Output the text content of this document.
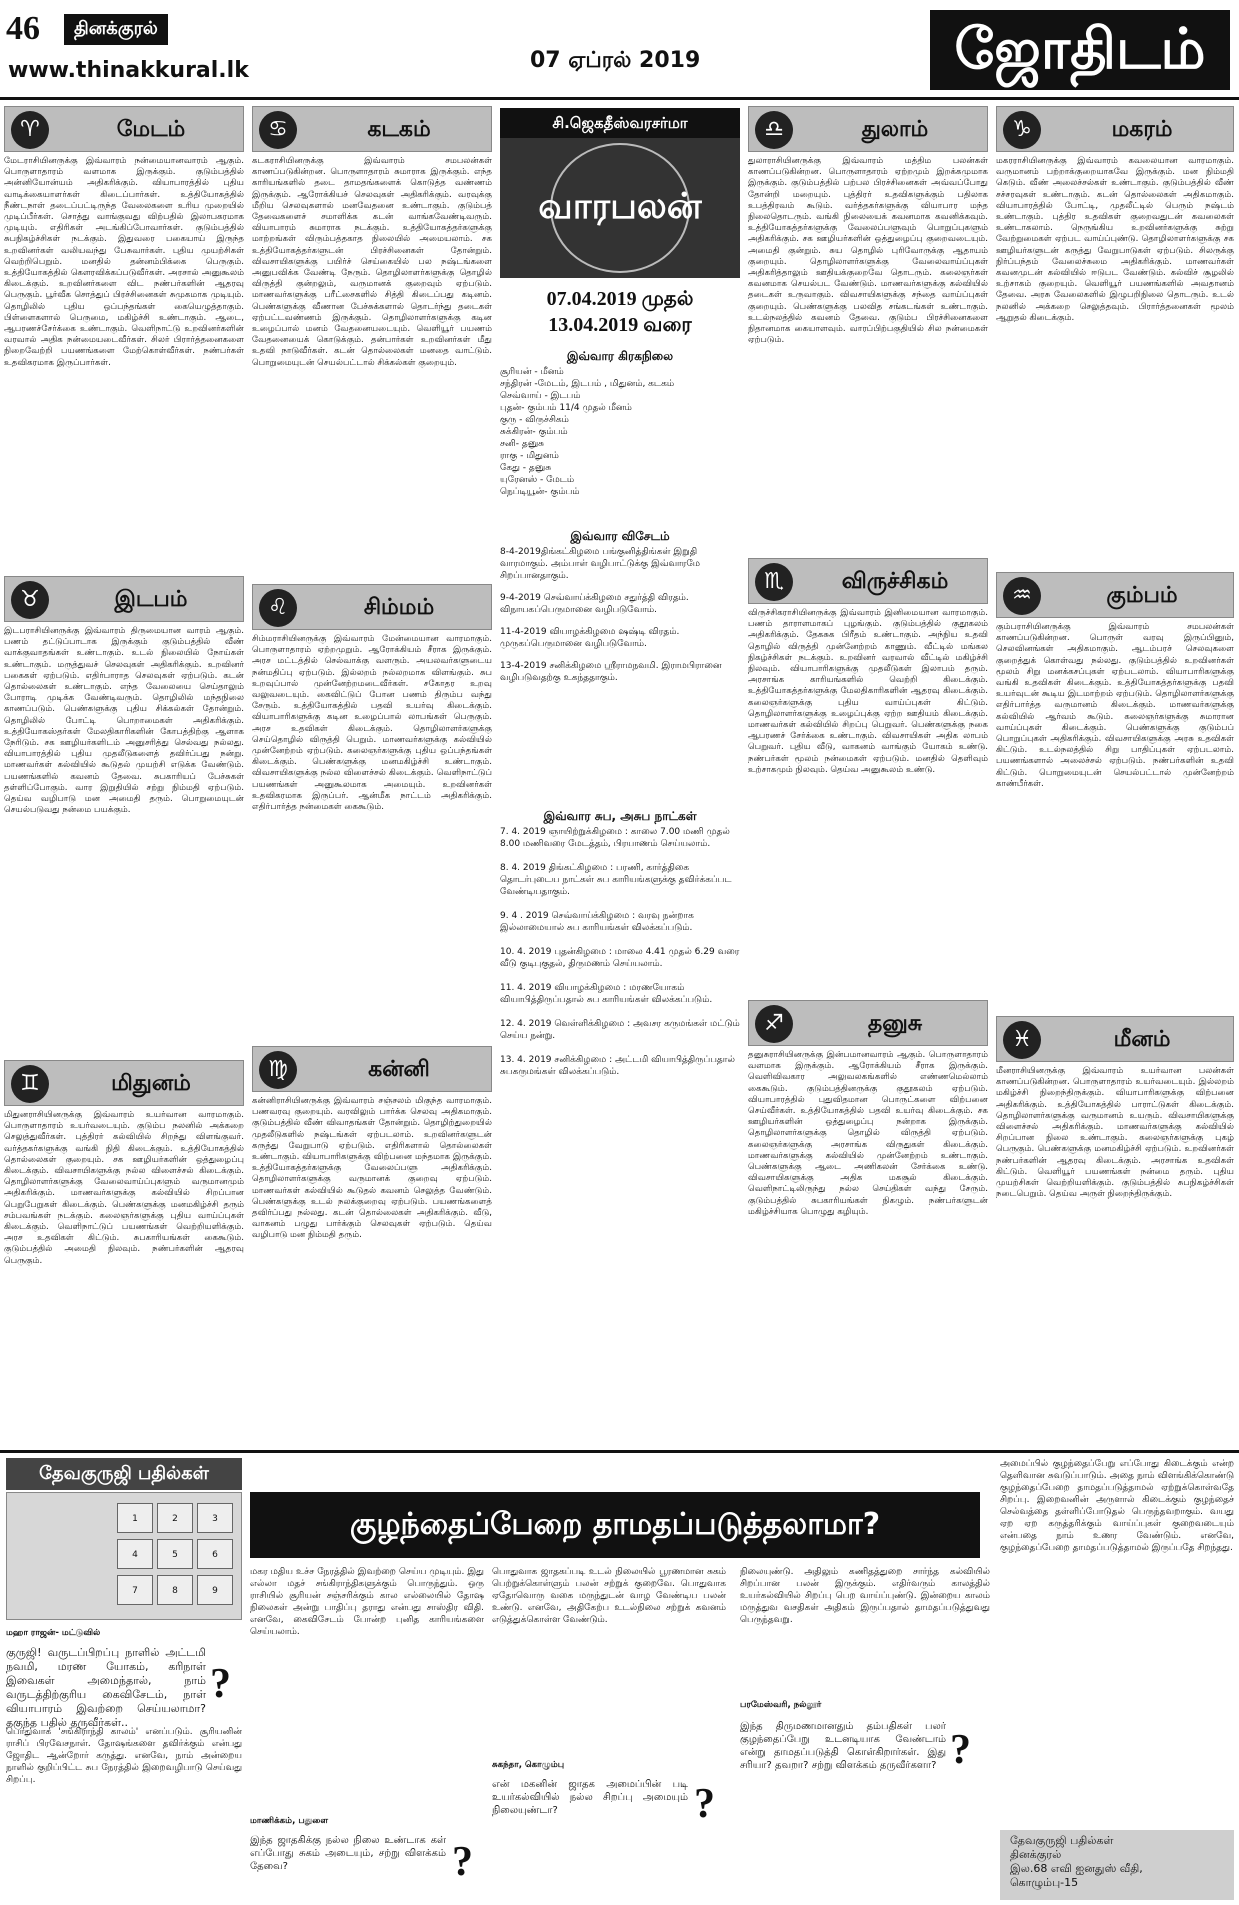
46	தினக்குரல்
www.thinakkural.lk	07 ஏப்ரல் 2019	ஜோதிடம்
♈	மேடம்
மேடராசியினருக்கு இவ்வாரம் நன்மையானவாரம் ஆகும். பொருளாதாரம் வளமாக இருக்கும். குடும்பத்தில் அன்னியோன்யம் அதிகரிக்கும். வியாபாரத்தில் புதிய வாடிக்கையாளர்கள் கிடைப்பார்கள். உத்தியோகத்தில் நீண்டநாள் தடைப்பட்டிருந்த வேலைகளை உரிய முறையில் முடிப்பீர்கள். சொத்து வாங்குவது விற்பதில் இலாபகரமாக முடியும். எதிரிகள் அடங்கிப்போவார்கள். குடும்பத்தில் சுபநிகழ்ச்சிகள் நடக்கும். இதுவரை பகையாய் இருந்த உறவினர்கள் வலியவந்து பேசுவார்கள். புதிய முயற்சிகள் வெற்றிபெறும். மனதில் தன்னம்பிக்கை பெருகும். உத்தியோகத்தில் கௌரவிக்கப்படுவீர்கள். அரசால் அனுகூலம் கிடைக்கும். உறவினர்களை விட நண்பர்களின் ஆதரவு பெருகும். பூர்வீக சொத்துப் பிரச்சினைகள் சுமுகமாக முடியும். தொழிலில் புதிய ஒப்பந்தங்கள் கையெழுத்தாகும். பிள்ளைகளால் பெருமை, மகிழ்ச்சி உண்டாகும். ஆடை, ஆபரணச்சேர்க்கை உண்டாகும். வெளிநாட்டு உறவினர்களின் வரவால் அதிக நன்மையடைவீர்கள். சிலர் பிரார்த்தனைகளை நிறைவேற்றி பயணங்களை மேற்கொள்வீர்கள். நண்பர்கள் உதவிகரமாக இருப்பார்கள்.
♉	இடபம்
இடபராசியினருக்கு இவ்வாரம் திருமையான வாரம் ஆகும். பணம் தட்டுப்பாடாக இருக்கும் குடும்பத்தில் வீண் வாக்குவாதங்கள் உண்டாகும். உடல் நிலையில் நோய்கள் உண்டாகும். மருத்துவச் செலவுகள் அதிகரிக்கும். உறவினர் பகைகள் ஏற்படும். எதிர்பாராத செலவுகள் ஏற்படும். கடன் தொல்லைகள் உண்டாகும். எந்த வேலையை செய்தாலும் போராடி முடிக்க வேண்டிவரும். தொழிலில் மந்தநிலை காணப்படும். பெண்களுக்கு புதிய சிக்கல்கள் தோன்றும். தொழிலில் போட்டி பொறாமைகள் அதிகரிக்கும். உத்தியோகஸ்தர்கள் மேலதிகாரிகளின் கோபத்திற்கு ஆளாக நேரிடும். சக ஊழியர்களிடம் அனுசரித்து செல்வது நல்லது. வியாபாரத்தில் புதிய முதலீடுகளைத் தவிர்ப்பது நன்று. மாணவர்கள் கல்வியில் கூடுதல் முயற்சி எடுக்க வேண்டும். பயணங்களில் கவனம் தேவை. சுபகாரியப் பேச்சுகள் தள்ளிப்போகும். வார இறுதியில் சற்று நிம்மதி ஏற்படும். தெய்வ வழிபாடு மன அமைதி தரும். பொறுமையுடன் செயல்படுவது நன்மை பயக்கும்.
♊	மிதுனம்
மிதுனராசியினருக்கு இவ்வாரம் உயர்வான வாரமாகும். பொருளாதாரம் உயர்வடையும். குடும்ப நலனில் அக்கறை செலுத்துவீர்கள். புத்திரர் கல்வியில் சிறந்து விளங்குவர். வர்த்தகர்களுக்கு வங்கி நிதி கிடைக்கும். உத்தியோகத்தில் தொல்லைகள் குறையும். சக ஊழியர்களின் ஒத்துழைப்பு கிடைக்கும். விவசாயிகளுக்கு நல்ல விளைச்சல் கிடைக்கும். தொழிலாளர்களுக்கு வேலைவாய்ப்புகளும் வருமானமும் அதிகரிக்கும். மாணவர்களுக்கு கல்வியில் சிறப்பான பெறுபேறுகள் கிடைக்கும். பெண்களுக்கு மனமகிழ்ச்சி தரும் சம்பவங்கள் நடக்கும். கலைஞர்களுக்கு புதிய வாய்ப்புகள் கிடைக்கும். வெளிநாட்டுப் பயணங்கள் வெற்றியளிக்கும். அரச உதவிகள் கிட்டும். சுபகாரியங்கள் கைகூடும். குடும்பத்தில் அமைதி நிலவும். நண்பர்களின் ஆதரவு பெருகும்.
♋	கடகம்
கடகராசியினருக்கு இவ்வாரம் சமபலன்கள் காணப்படுகின்றன. பொருளாதாரம் சுமாராக இருக்கும். எந்த காரியங்களில் தடை தாமதங்களைக் கொடுத்த வண்ணம் இருக்கும். ஆரோக்கியச் செலவுகள் அதிகரிக்கும். வரவுக்கு மீறிய செலவுகளால் மனவேதனை உண்டாகும். குடும்பத் தேவைகளைச் சமாளிக்க கடன் வாங்கவேண்டிவரும். வியாபாரம் சுமாராக நடக்கும். உத்தியோகத்தர்களுக்கு மாற்றங்கள் விரும்பத்தகாத நிலையில் அமையலாம். சக உத்தியோகத்தர்களுடன் பிரச்சினைகள் தோன்றும். விவசாயிகளுக்கு பயிர்ச் செய்கையில் பல நஷ்டங்களை அனுபவிக்க வேண்டி நேரும். தொழிலாளர்களுக்கு தொழில் விருத்தி குன்றலும், வருமானக் குறைவும் ஏற்படும். மாணவர்களுக்கு பரீட்சைகளில் சித்தி கிடைப்பது கடினம். பெண்களுக்கு வீணான பேச்சுக்களால் தொடர்ந்து தடைகள் ஏற்பட்டவண்ணம் இருக்கும். தொழிலாளர்களுக்கு கடின உழைப்பால் மனம் வேதனையடையும். வெளியூர் பயணம் வேதனையைக் கொடுக்கும். தன்பார்கள் உறவினர்கள் மீது உதவி நாடுவீர்கள். கடன் தொல்லைகள் மனதை வாட்டும். பொறுமையுடன் செயல்பட்டால் சிக்கல்கள் குறையும்.
♌	சிம்மம்
சிம்மராசியினருக்கு இவ்வாரம் மேன்மையான வாரமாகும். பொருளாதாரம் ஏற்றமுறும். ஆரோக்கியம் சீராக இருக்கும். அரச மட்டத்தில் செல்வாக்கு வளரும். அயலவர்களுடைய நன்மதிப்பு ஏற்படும். இல்லறம் நல்லறமாக விளங்கும். சுப உறவுப்பால் முன்னேற்றமடைவீர்கள். சகோதர உறவு வலுவடையும். கைவிட்டுப் போன பணம் திரும்ப வந்து சேரும். உத்தியோகத்தில் பதவி உயர்வு கிடைக்கும். வியாபாரிகளுக்கு கடின உழைப்பால் லாபங்கள் பெருகும். அரச உதவிகள் கிடைக்கும். தொழிலாளர்களுக்கு செய்தொழில் விருத்தி பெறும். மாணவர்களுக்கு கல்வியில் முன்னேற்றம் ஏற்படும். கலைஞர்களுக்கு புதிய ஒப்பந்தங்கள் கிடைக்கும். பெண்களுக்கு மனமகிழ்ச்சி உண்டாகும். விவசாயிகளுக்கு நல்ல விளைச்சல் கிடைக்கும். வெளிநாட்டுப் பயணங்கள் அனுகூலமாக அமையும். உறவினர்கள் உதவிகரமாக இருப்பர். ஆன்மீக நாட்டம் அதிகரிக்கும். எதிர்பார்த்த நன்மைகள் கைகூடும்.
♍	கன்னி
கன்னிராசியினருக்கு இவ்வாரம் சஞ்சலம் மிகுந்த வாரமாகும். பணவரவு குறையும். வரவிலும் பார்க்க செலவு அதிகமாகும். குடும்பத்தில் வீண் விவாதங்கள் தோன்றும். தொழிற்துறையில் முதலீடுகளில் நஷ்டங்கள் ஏற்படலாம். உறவினர்களுடன் கருத்து வேறுபாடு ஏற்படும். எதிரிகளால் தொல்லைகள் உண்டாகும். வியாபாரிகளுக்கு விற்பனை மந்தமாக இருக்கும். உத்தியோகத்தர்களுக்கு வேலைப்பளு அதிகரிக்கும். தொழிலாளர்களுக்கு வருமானக் குறைவு ஏற்படும். மாணவர்கள் கல்வியில் கூடுதல் கவனம் செலுத்த வேண்டும். பெண்களுக்கு உடல் நலக்குறைவு ஏற்படும். பயணங்களைத் தவிர்ப்பது நல்லது. கடன் தொல்லைகள் அதிகரிக்கும். வீடு, வாகனம் பழுது பார்க்கும் செலவுகள் ஏற்படும். தெய்வ வழிபாடு மன நிம்மதி தரும்.
சி.ஜெகதீஸ்வரசர்மா
வாரபலன்
07.04.2019 முதல்
13.04.2019 வரை
இவ்வார கிரகநிலை
சூரியன் - மீனம்
சந்திரன் -மேடம், இடபம் , மிதுனம், கடகம்
செவ்வாய் - இடபம்
புதன்- கும்பம் 11/4 முதல் மீனம்
குரு - விருச்சிகம்
சுக்கிரன்- கும்பம்
சனி- தனுசு
ராகு - மிதுனம்
கேது - தனுசு
யுரேனஸ் - மேடம்
நெப்டியூன்- கும்பம்
இவ்வார விசேடம்

8-4-2019திங்கட்கிழமை பங்குனித்திங்கள் இறுதி வாரமாகும். அம்பாள் வழிபாட்டுக்கு இவ்வாரமே சிறப்பானதாகும்.

9-4-2019 செவ்வாய்க்கிழமை சதுர்த்தி விரதம். விநாயகப்பெருமானை வழிபடுவோம்.

11-4-2019 வியாழக்கிழமை ஷஷ்டி விரதம். முருகப்பெருமானை வழிபடுவோம்.

13-4-2019 சனிக்கிழமை ஸ்ரீராமநவமி. இராமபிரானை வழிபடுவதற்கு உகந்ததாகும்.

இவ்வார சுப, அசுப நாட்கள்

7. 4. 2019 ஞாயிற்றுக்கிழமை : காலை 7.00 மணி முதல் 8.00 மணிவரை மேடத்தம், பிரயாணம் செய்யலாம்.

8. 4. 2019 திங்கட்கிழமை : பரணி, கார்த்திகை தொடர்புடைய நாட்கள் சுப காரியங்களுக்கு தவிர்க்கப்பட வேண்டியதாகும்.

9. 4 . 2019 செவ்வாய்க்கிழமை : வரவு நன்றாக இல்லாமையால் சுப காரியங்கள் விலக்கப்படும்.

10. 4. 2019 புதன்கிழமை : மாலை 4.41 முதல் 6.29 வரை வீடு குடிபுகுதல், திருமணம் செய்யலாம்.

11. 4. 2019 வியாழக்கிழமை : மரணயோகம் வியாபித்திருப்பதால் சுப காரியங்கள் விலக்கப்படும்.

12. 4. 2019 வெள்ளிக்கிழமை : அவசர கருமங்கள் மட்டும் செய்ய நன்று.

13. 4. 2019 சனிக்கிழமை : அட்டமி வியாபித்திருப்பதால் சுபகருமங்கள் விலக்கப்படும்.

♎	துலாம்
துலாராசியினருக்கு இவ்வாரம் மத்திம பலன்கள் காணப்படுகின்றன. பொருளாதாரம் ஏற்றமும் இறக்கமுமாக இருக்கும். குடும்பத்தில் பற்பல பிரச்சினைகள் அவ்வப்போது தோன்றி மறையும். புத்திரர் உதவிகளுக்கும் பதிலாக உபத்திரவம் கூடும். வர்த்தகர்களுக்கு வியாபார மந்த நிலைதொடரும். வங்கி நிலையைக் கவனமாக கவனிக்கவும். உத்தியோகத்தர்களுக்கு வேலைப்பளுவும் பொறுப்புகளும் அதிகரிக்கும். சக ஊழியர்களின் ஒத்துழைப்பு குறைவடையும். அமைதி குன்றும். சுய தொழில் புரிவோருக்கு ஆதாயம் குறையும். தொழிலாளர்களுக்கு வேலைவாய்ப்புகள் அதிகரித்தாலும் ஊதியக்குறைவே தொடரும். கலைஞர்கள் கவனமாக செயல்பட வேண்டும். மாணவர்களுக்கு கல்வியில் தடைகள் உருவாகும். விவசாயிகளுக்கு சந்தை வாய்ப்புகள் குறையும். பெண்களுக்கு பலவித சங்கடங்கள் உண்டாகும். உடல்நலத்தில் கவனம் தேவை. குடும்ப பிரச்சினைகளை நிதானமாக கையாளவும். வாரப்பிற்பகுதியில் சில நன்மைகள் ஏற்படும்.
♏	விருச்சிகம்
விருச்சிகராசியினருக்கு இவ்வாரம் இனிமையான வாரமாகும். பணம் தாராளமாகப் புழங்கும். குடும்பத்தில் குதூகலம் அதிகரிக்கும். தேகசுக பிரீதம் உண்டாகும். அந்நிய உதவி தொழில் விருத்தி முன்னேற்றம் காணும். வீட்டில் மங்கல நிகழ்ச்சிகள் நடக்கும். உறவினர் வரவால் வீட்டில் மகிழ்ச்சி நிலவும். வியாபாரிகளுக்கு முதலீடுகள் இலாபம் தரும். அரசாங்க காரியங்களில் வெற்றி கிடைக்கும். உத்தியோகத்தர்களுக்கு மேலதிகாரிகளின் ஆதரவு கிடைக்கும். கலைஞர்களுக்கு புதிய வாய்ப்புகள் கிட்டும். தொழிலாளர்களுக்கு உழைப்புக்கு ஏற்ற ஊதியம் கிடைக்கும். மாணவர்கள் கல்வியில் சிறப்பு பெறுவர். பெண்களுக்கு நகை ஆபரணச் சேர்க்கை உண்டாகும். விவசாயிகள் அதிக லாபம் பெறுவர். புதிய வீடு, வாகனம் வாங்கும் யோகம் உண்டு. நண்பர்கள் மூலம் நன்மைகள் ஏற்படும். மனதில் தெளிவும் உற்சாகமும் நிலவும். தெய்வ அனுகூலம் உண்டு.
♐	தனுசு
தனுசுராசியினருக்கு இன்பமானவாரம் ஆகும். பொருளாதாரம் வளமாக இருக்கும். ஆரோக்கியம் சீராக இருக்கும். வெளிவிவகார அலுவலகங்களில் எண்ணமெல்லாம் கைகூடும். குடும்பத்தினருக்கு குதூகலம் ஏற்படும். வியாபாரத்தில் புதுவிதமான பொருட்களை விற்பனை செய்வீர்கள். உத்தியோகத்தில் பதவி உயர்வு கிடைக்கும். சக ஊழியர்களின் ஒத்துழைப்பு நன்றாக இருக்கும். தொழிலாளர்களுக்கு தொழில் விருத்தி ஏற்படும். கலைஞர்களுக்கு அரசாங்க விருதுகள் கிடைக்கும். மாணவர்களுக்கு கல்வியில் முன்னேற்றம் உண்டாகும். பெண்களுக்கு ஆடை அணிகலன் சேர்க்கை உண்டு. விவசாயிகளுக்கு அதிக மகசூல் கிடைக்கும். வெளிநாட்டிலிருந்து நல்ல செய்திகள் வந்து சேரும். குடும்பத்தில் சுபகாரியங்கள் நிகழும். நண்பர்களுடன் மகிழ்ச்சியாக பொழுது கழியும்.
♑	மகரம்
மகரராசியினருக்கு இவ்வாரம் கவலையான வாரமாகும். வருமானம் பற்றாக்குறையாகவே இருக்கும். மன நிம்மதி கெடும். வீண் அலைச்சல்கள் உண்டாகும். குடும்பத்தில் வீண் சச்சரவுகள் உண்டாகும். கடன் தொல்லைகள் அதிகமாகும். வியாபாரத்தில் போட்டி, முதலீட்டில் பெரும் நஷ்டம் உண்டாகும். புத்திர உதவிகள் குறைவதுடன் கவலைகள் உண்டாகலாம். நெருங்கிய உறவினர்களுக்கு சுற்று வேற்றுமைகள் ஏற்பட வாய்ப்புண்டு. தொழிலாளர்களுக்கு சக ஊழியர்களுடன் கருத்து வேறுபாடுகள் ஏற்படும். சிலருக்கு நிர்ப்பந்தம் வேலைச்சுமை அதிகரிக்கும். மாணவர்கள் கவனமுடன் கல்வியில் ஈடுபட வேண்டும். கல்விச் சூழலில் உற்சாகம் குறையும். வெளியூர் பயணங்களில் அவதானம் தேவை. அரசு வேலைகளில் இழுபறிநிலை தொடரும். உடல் நலனில் அக்கறை செலுத்தவும். பிரார்த்தனைகள் மூலம் ஆறுதல் கிடைக்கும்.
♒	கும்பம்
கும்பராசியினருக்கு இவ்வாரம் சமபலன்கள் காணப்படுகின்றன. பொருள் வரவு இருப்பினும், செலவினங்கள் அதிகமாகும். ஆடம்பரச் செலவுகளை குறைத்துக் கொள்வது நல்லது. குடும்பத்தில் உறவினர்கள் மூலம் சிறு மனக்கசப்புகள் ஏற்படலாம். வியாபாரிகளுக்கு வங்கி உதவிகள் கிடைக்கும். உத்தியோகத்தர்களுக்கு பதவி உயர்வுடன் கூடிய இடமாற்றம் ஏற்படும். தொழிலாளர்களுக்கு எதிர்பார்த்த வருமானம் கிடைக்கும். மாணவர்களுக்கு கல்வியில் ஆர்வம் கூடும். கலைஞர்களுக்கு சுமாரான வாய்ப்புகள் கிடைக்கும். பெண்களுக்கு குடும்பப் பொறுப்புகள் அதிகரிக்கும். விவசாயிகளுக்கு அரசு உதவிகள் கிட்டும். உடல்நலத்தில் சிறு பாதிப்புகள் ஏற்படலாம். பயணங்களால் அலைச்சல் ஏற்படும். நண்பர்களின் உதவி கிட்டும். பொறுமையுடன் செயல்பட்டால் முன்னேற்றம் காண்பீர்கள்.
♓	மீனம்
மீனராசியினருக்கு இவ்வாரம் உயர்வான பலன்கள் காணப்படுகின்றன. பொருளாதாரம் உயர்வடையும். இல்லறம் மகிழ்ச்சி நிறைந்திருக்கும். வியாபாரிகளுக்கு விற்பனை அதிகரிக்கும். உத்தியோகத்தில் பாராட்டுகள் கிடைக்கும். தொழிலாளர்களுக்கு வருமானம் உயரும். விவசாயிகளுக்கு விளைச்சல் அதிகரிக்கும். மாணவர்களுக்கு கல்வியில் சிறப்பான நிலை உண்டாகும். கலைஞர்களுக்கு புகழ் பெருகும். பெண்களுக்கு மனமகிழ்ச்சி ஏற்படும். உறவினர்கள் நண்பர்களின் ஆதரவு கிடைக்கும். அரசாங்க உதவிகள் கிட்டும். வெளியூர் பயணங்கள் நன்மை தரும். புதிய முயற்சிகள் வெற்றியளிக்கும். குடும்பத்தில் சுபநிகழ்ச்சிகள் நடைபெறும். தெய்வ அருள் நிறைந்திருக்கும்.
தேவகுருஜி பதில்கள்
1	2	3
4	5	6
7	8	9
குழந்தைப்பேறை தாமதப்படுத்தலாமா?
மஹா ராஜன்- மட்டுவில்
குருஜி! வருடப்பிறப்பு நாளில் அட்டமி நவமி, மரண யோகம், கரிநாள் இவைகள் அமைந்தால், நாம் வருடத்திற்குரிய கைவிசேடம், நாள் வியாபாரம் இவற்றை செய்யலாமா? தகுந்த பதில் தருவீர்கள்..
?
பொதுவாக 'சங்கிராந்தி காலம்' எனப்படும். சூரியனின் ராசிப் பிரவேசநாள். தோஷங்களை தவிர்க்கும் என்பது ஜோதிட ஆன்றோர் கருத்து. எனவே, நாம் அன்றைய நாளில் குறிப்பிட்ட சுப நேரத்தில் இறைவழிபாடு செய்வது சிறப்பு.
மகர மதிய உச்ச நேரத்தில் இவற்றை செய்ய முடியும். இது எல்லா மதச் சங்கிராந்திகளுக்கும் பொருந்தும். ஒரு ராசியில் சூரியன் சஞ்சரிக்கும் கால எல்லையில் தோஷ நிலைகள் அன்று பாதிப்பு தராது என்பது சாஸ்திர விதி. எனவே, கைவிசேடம் போன்ற புனித காரியங்களை செய்யலாம்.
மாணிக்கம், பதுளை
இந்த ஜாதகிக்கு நல்ல நிலை உண்டாக கள் எப்போது சுகம் அடையும், சற்று விளக்கம் தேவை?	?
பொதுவாக ஜாதகப்படி உடல் நிலையில் பூரணமான சுகம் பெற்றுக்கொள்ளும் பலன் சற்றுக் குறைவே. பொதுவாக ஏதோவொரு வகை மருந்துடன் வாழ வேண்டிய பலன் உண்டு. எனவே, அதிகேற்ப உடல்நிலை சற்றுக் கவனம் எடுத்துக்கொள்ள வேண்டும்.
சுகந்தா, கொழும்பு
என் மகனின் ஜாதக அமைப்பின் படி உயர்கல்வியில் நல்ல சிறப்பு அமையும் நிலையுண்டா?	?
நிலையுண்டு. அதிலும் கணிதத்துறை சார்ந்த கல்வியில் சிறப்பான பலன் இருக்கும். எதிர்வரும் காலத்தில் உயர்கல்வியில் சிறப்பு பெற வாய்ப்புண்டு. இன்றைய காலம் மருத்துவ வசதிகள் அதிகம் இருப்பதால் தாமதப்படுத்துவது பெருந்தவறு.
பரமேஸ்வரி, நல்லூர்
இந்த திருமணமானதும் தம்பதிகள் பலர் குழந்தைப்பேறு உடனடியாக வேண்டாம் என்று தாமதப்படுத்தி கொள்கிறார்கள். இது சரியா? தவறா? சற்று விளக்கம் தருவீர்களா? ?
அமைப்பில் குழந்தைப்பேறு எப்போது கிடைக்கும் என்ற தெளிவான சுவடுப்பாடும். அதை நாம் விளங்கிக்கொண்டு குழந்தைப்பேறை தாமதப்படுத்தாமல் ஏற்றுக்கொள்வதே சிறப்பு. இறைவனின் அருளால் கிடைக்கும் குழந்தைச் செல்வத்தை தள்ளிப்போடுதல் பெருந்தவறாகும். வயது ஏற ஏற கருத்தரிக்கும் வாய்ப்புகள் குறைவடையும் என்பதை நாம் உணர வேண்டும். எனவே, குழந்தைப்பேறை தாமதப்படுத்தாமல் இருப்பதே சிறந்தது.
தேவகுருஜி பதில்கள்
தினக்குரல்
இல.68 எவி ஐனதுஸ் வீதி,
கொழும்பு-15
